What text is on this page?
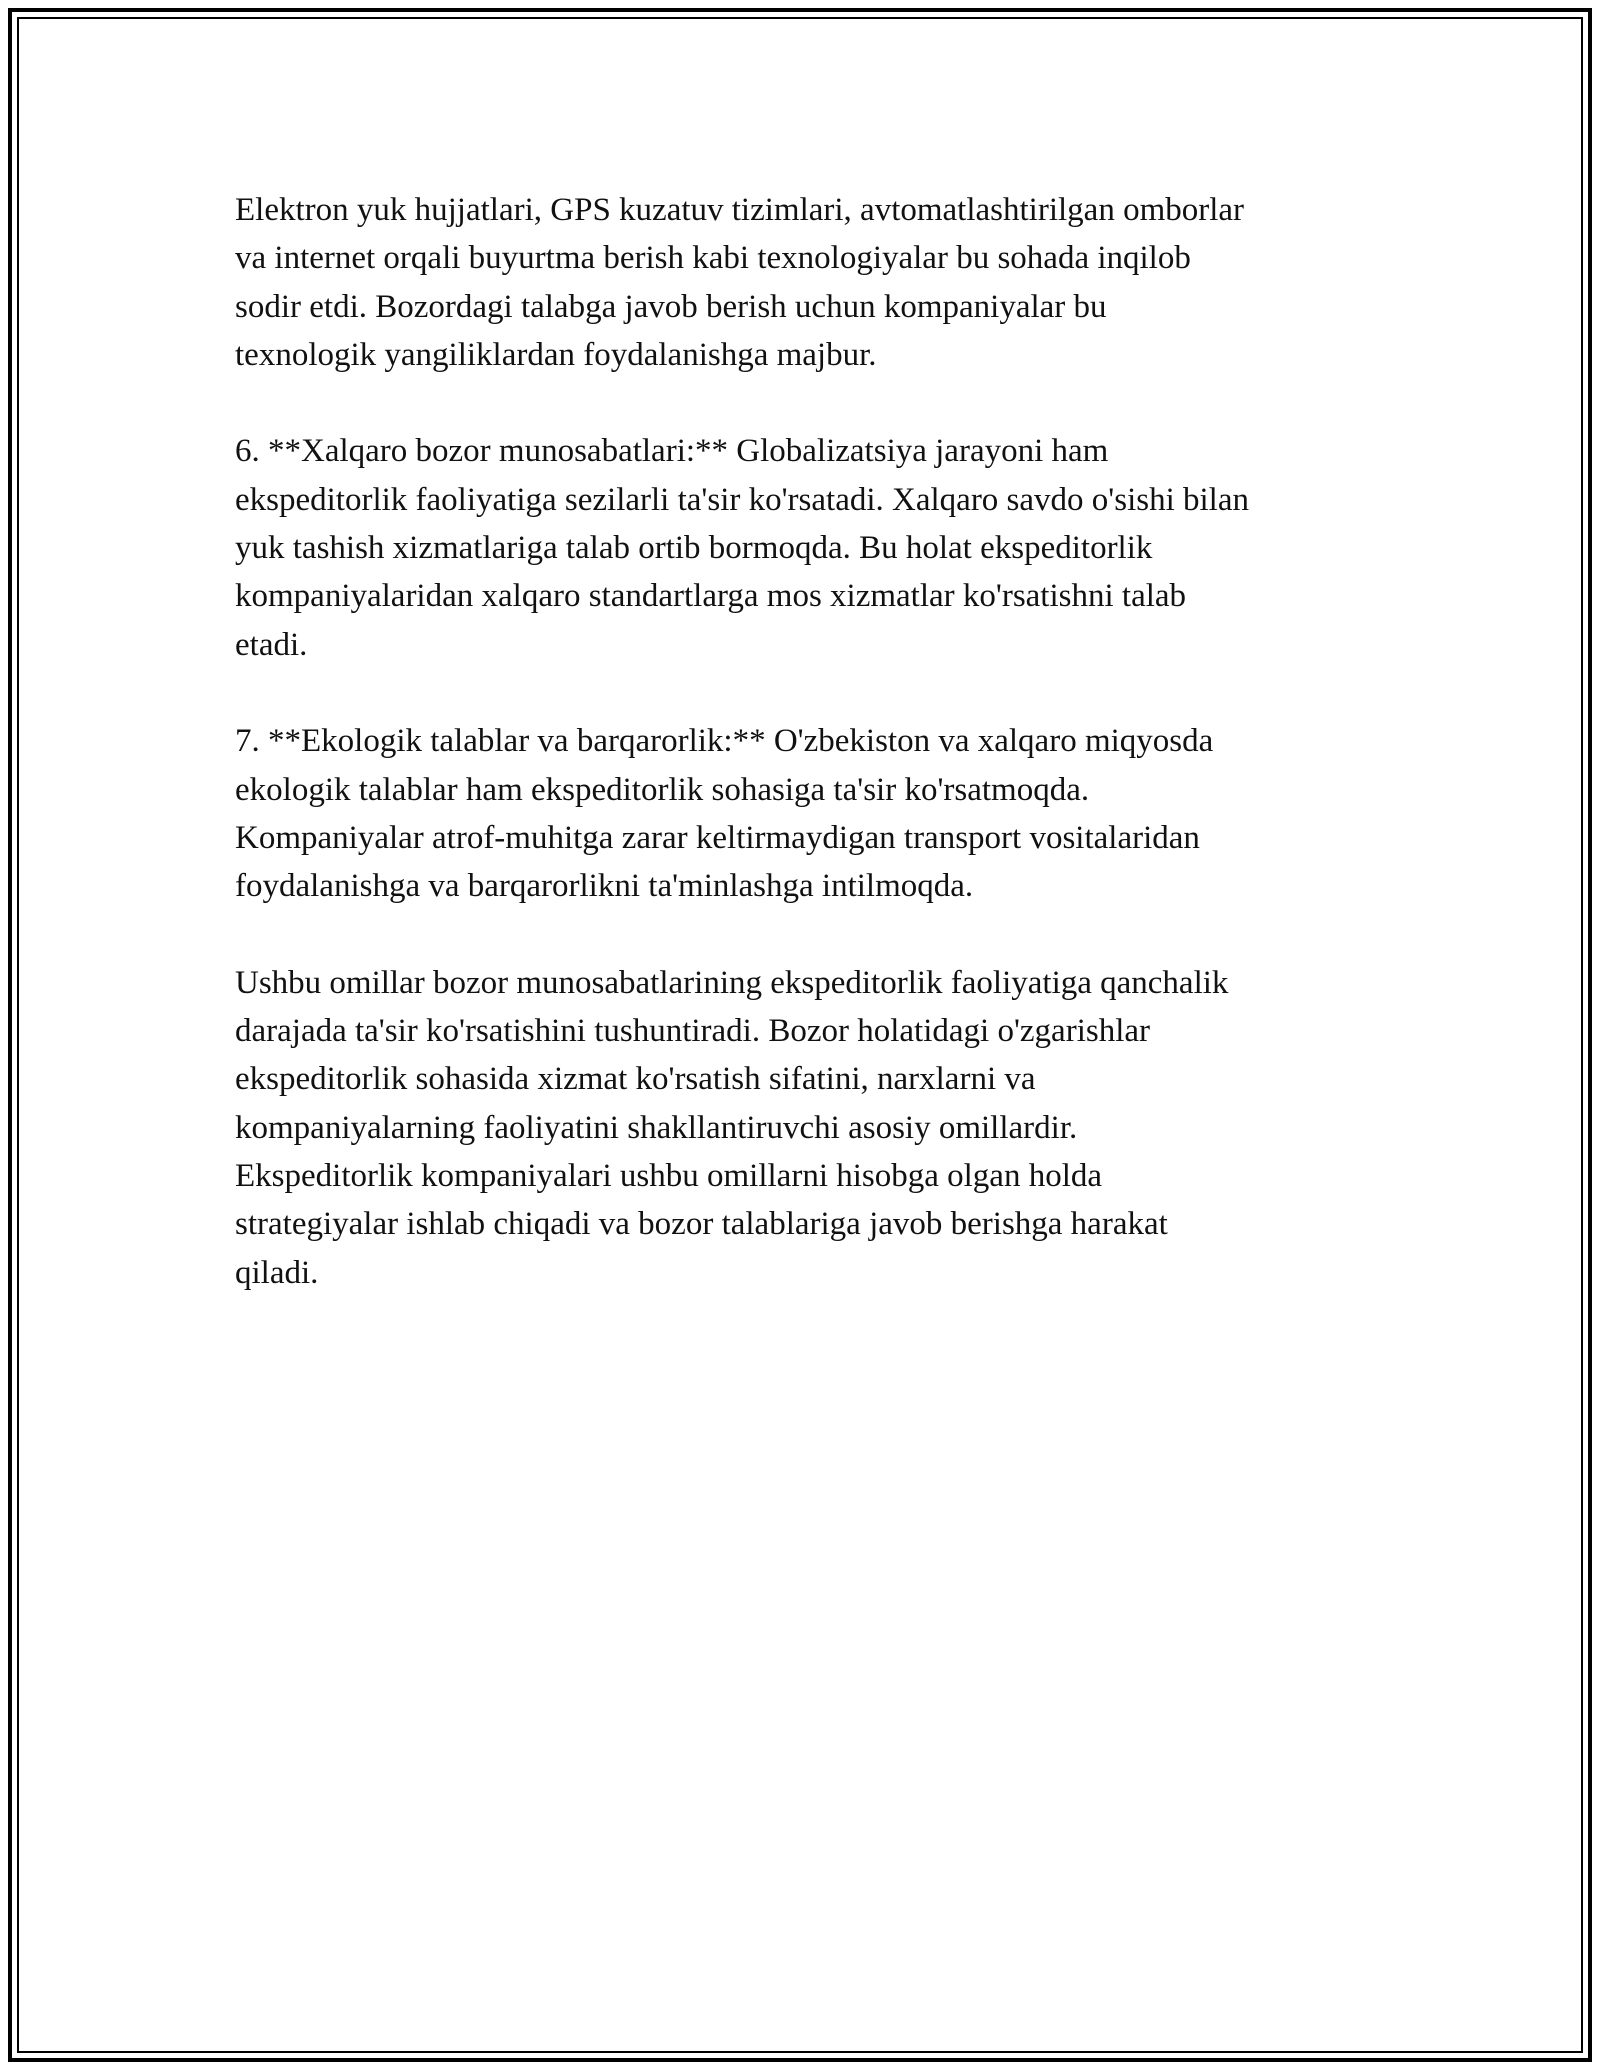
Elektron yuk hujjatlari, GPS kuzatuv tizimlari, avtomatlashtirilgan omborlar
va internet orqali buyurtma berish kabi texnologiyalar bu sohada inqilob
sodir etdi. Bozordagi talabga javob berish uchun kompaniyalar bu
texnologik yangiliklardan foydalanishga majbur.

6. **Xalqaro bozor munosabatlari:** Globalizatsiya jarayoni ham
ekspeditorlik faoliyatiga sezilarli ta'sir ko'rsatadi. Xalqaro savdo o'sishi bilan
yuk tashish xizmatlariga talab ortib bormoqda. Bu holat ekspeditorlik
kompaniyalaridan xalqaro standartlarga mos xizmatlar ko'rsatishni talab
etadi.

7. **Ekologik talablar va barqarorlik:** O'zbekiston va xalqaro miqyosda
ekologik talablar ham ekspeditorlik sohasiga ta'sir ko'rsatmoqda.
Kompaniyalar atrof-muhitga zarar keltirmaydigan transport vositalaridan
foydalanishga va barqarorlikni ta'minlashga intilmoqda.

Ushbu omillar bozor munosabatlarining ekspeditorlik faoliyatiga qanchalik
darajada ta'sir ko'rsatishini tushuntiradi. Bozor holatidagi o'zgarishlar
ekspeditorlik sohasida xizmat ko'rsatish sifatini, narxlarni va
kompaniyalarning faoliyatini shakllantiruvchi asosiy omillardir.
Ekspeditorlik kompaniyalari ushbu omillarni hisobga olgan holda
strategiyalar ishlab chiqadi va bozor talablariga javob berishga harakat
qiladi.
